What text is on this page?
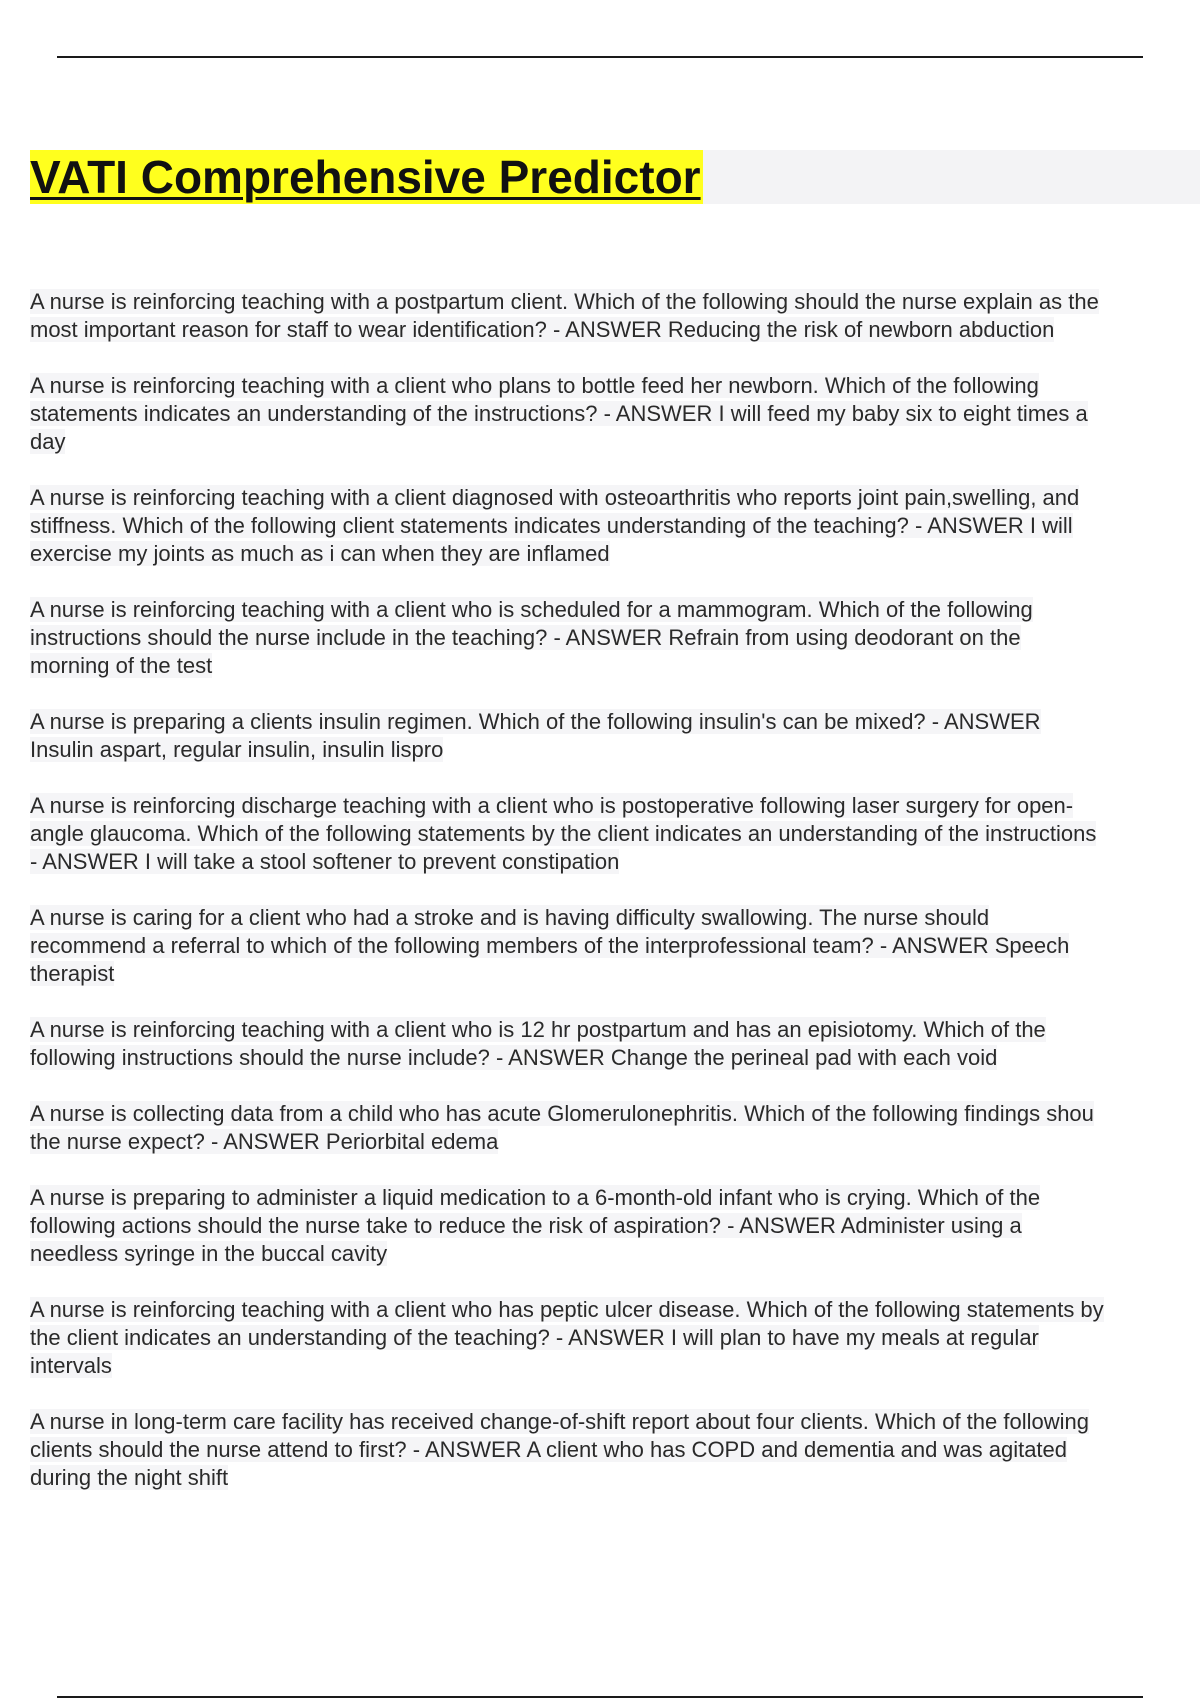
VATI Comprehensive Predictor
A nurse is reinforcing teaching with a postpartum client. Which of the following should the nurse explain as the
most important reason for staff to wear identification? - ANSWER Reducing the risk of newborn abduction
A nurse is reinforcing teaching with a client who plans to bottle feed her newborn. Which of the following
statements indicates an understanding of the instructions? - ANSWER I will feed my baby six to eight times a
day
A nurse is reinforcing teaching with a client diagnosed with osteoarthritis who reports joint pain,swelling, and
stiffness. Which of the following client statements indicates understanding of the teaching? - ANSWER I will
exercise my joints as much as i can when they are inflamed
A nurse is reinforcing teaching with a client who is scheduled for a mammogram. Which of the following
instructions should the nurse include in the teaching? - ANSWER Refrain from using deodorant on the
morning of the test
A nurse is preparing a clients insulin regimen. Which of the following insulin's can be mixed? - ANSWER
Insulin aspart, regular insulin, insulin lispro
A nurse is reinforcing discharge teaching with a client who is postoperative following laser surgery for open-
angle glaucoma. Which of the following statements by the client indicates an understanding of the instructions
- ANSWER I will take a stool softener to prevent constipation
A nurse is caring for a client who had a stroke and is having difficulty swallowing. The nurse should
recommend a referral to which of the following members of the interprofessional team? - ANSWER Speech
therapist
A nurse is reinforcing teaching with a client who is 12 hr postpartum and has an episiotomy. Which of the
following instructions should the nurse include? - ANSWER Change the perineal pad with each void
A nurse is collecting data from a child who has acute Glomerulonephritis. Which of the following findings shou
the nurse expect? - ANSWER Periorbital edema
A nurse is preparing to administer a liquid medication to a 6-month-old infant who is crying. Which of the
following actions should the nurse take to reduce the risk of aspiration? - ANSWER Administer using a
needless syringe in the buccal cavity
A nurse is reinforcing teaching with a client who has peptic ulcer disease. Which of the following statements by
the client indicates an understanding of the teaching? - ANSWER I will plan to have my meals at regular
intervals
A nurse in long-term care facility has received change-of-shift report about four clients. Which of the following
clients should the nurse attend to first? - ANSWER A client who has COPD and dementia and was agitated
during the night shift
